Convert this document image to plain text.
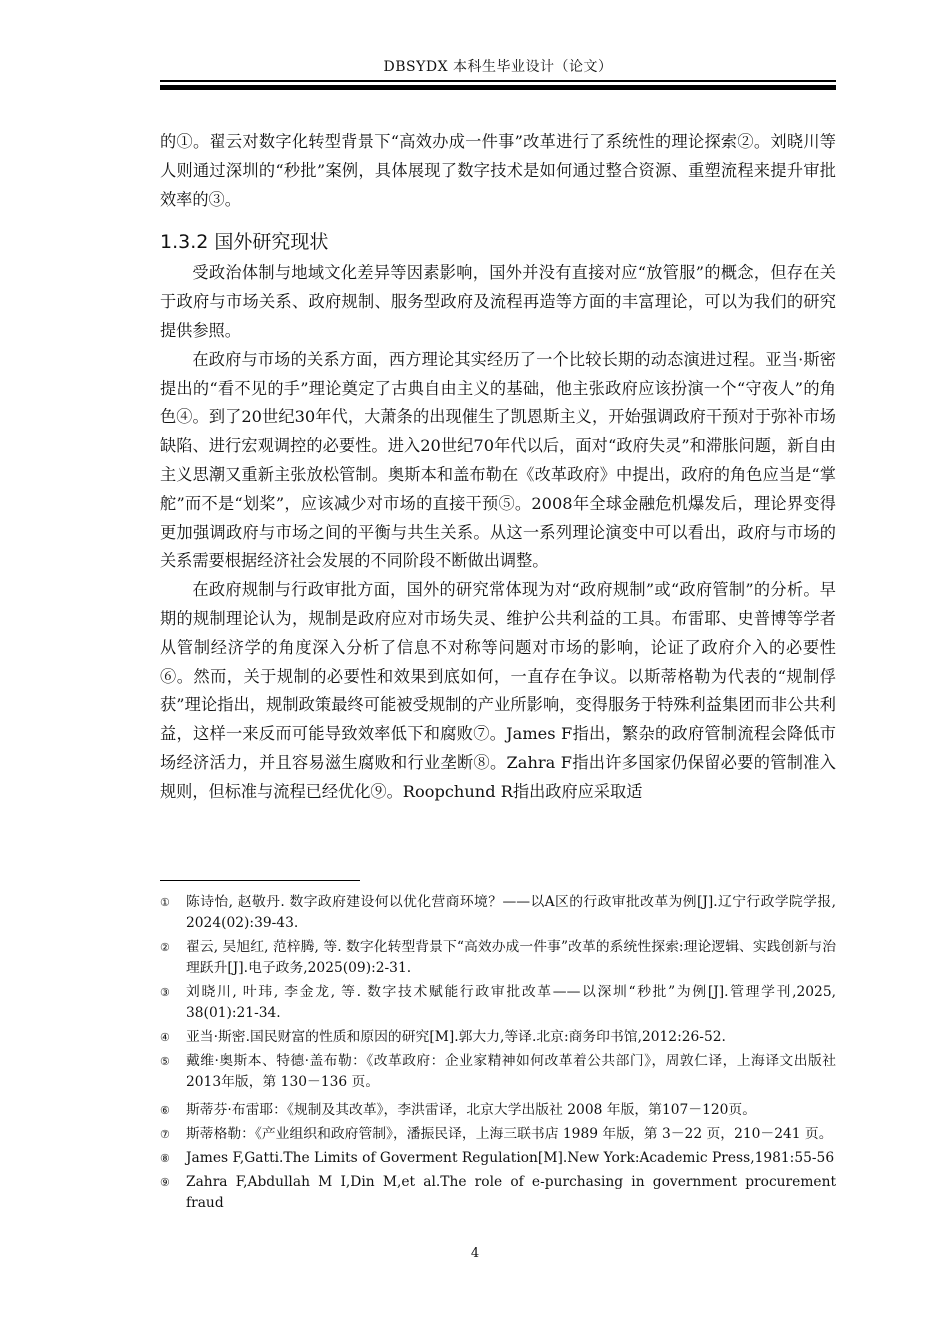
DBSYDX 本科生毕业设计（论文）

的①。翟云对数字化转型背景下“高效办成一件事”改革进行了系统性的理论探索②。刘晓川等人则通过深圳的“秒批”案例，具体展现了数字技术是如何通过整合资源、重塑流程来提升审批效率的③。

1.3.2 国外研究现状

受政治体制与地域文化差异等因素影响，国外并没有直接对应“放管服”的概念，但存在关于政府与市场关系、政府规制、服务型政府及流程再造等方面的丰富理论，可以为我们的研究提供参照。

在政府与市场的关系方面，西方理论其实经历了一个比较长期的动态演进过程。亚当·斯密提出的“看不见的手”理论奠定了古典自由主义的基础，他主张政府应该扮演一个“守夜人”的角色④。到了20世纪30年代，大萧条的出现催生了凯恩斯主义，开始强调政府干预对于弥补市场缺陷、进行宏观调控的必要性。进入20世纪70年代以后，面对“政府失灵”和滞胀问题，新自由主义思潮又重新主张放松管制。奥斯本和盖布勒在《改革政府》中提出，政府的角色应当是“掌舵”而不是“划桨”，应该减少对市场的直接干预⑤。2008年全球金融危机爆发后，理论界变得更加强调政府与市场之间的平衡与共生关系。从这一系列理论演变中可以看出，政府与市场的关系需要根据经济社会发展的不同阶段不断做出调整。

在政府规制与行政审批方面，国外的研究常体现为对“政府规制”或“政府管制”的分析。早期的规制理论认为，规制是政府应对市场失灵、维护公共利益的工具。布雷耶、史普博等学者从管制经济学的角度深入分析了信息不对称等问题对市场的影响，论证了政府介入的必要性⑥。然而，关于规制的必要性和效果到底如何，一直存在争议。以斯蒂格勒为代表的“规制俘获”理论指出，规制政策最终可能被受规制的产业所影响，变得服务于特殊利益集团而非公共利益，这样一来反而可能导致效率低下和腐败⑦。James F指出，繁杂的政府管制流程会降低市场经济活力，并且容易滋生腐败和行业垄断⑧。Zahra F指出许多国家仍保留必要的管制准入规则，但标准与流程已经优化⑨。Roopchund R指出政府应采取适

① 陈诗怡, 赵敬丹. 数字政府建设何以优化营商环境？——以A区的行政审批改革为例[J].辽宁行政学院学报, 2024(02):39-43.
② 翟云, 吴旭红, 范梓腾, 等. 数字化转型背景下“高效办成一件事”改革的系统性探索:理论逻辑、实践创新与治理跃升[J].电子政务,2025(09):2-31.
③ 刘晓川, 叶玮, 李金龙, 等. 数字技术赋能行政审批改革——以深圳“秒批”为例[J].管理学刊,2025, 38(01):21-34.
④ 亚当·斯密.国民财富的性质和原因的研究[M].郭大力,等译.北京:商务印书馆,2012:26-52.
⑤ 戴维·奥斯本、特德·盖布勒：《改革政府：企业家精神如何改革着公共部门》，周敦仁译，上海译文出版社 2013年版，第 130－136 页。
⑥ 斯蒂芬·布雷耶：《规制及其改革》，李洪雷译，北京大学出版社 2008 年版，第107－120页。
⑦ 斯蒂格勒：《产业组织和政府管制》，潘振民译，上海三联书店 1989 年版，第 3－22 页，210－241 页。
⑧ James F,Gatti.The Limits of Goverment Regulation[M].New York:Academic Press,1981:55-56
⑨ Zahra F,Abdullah M I,Din M,et al.The role of e-purchasing in government procurement fraud
4
